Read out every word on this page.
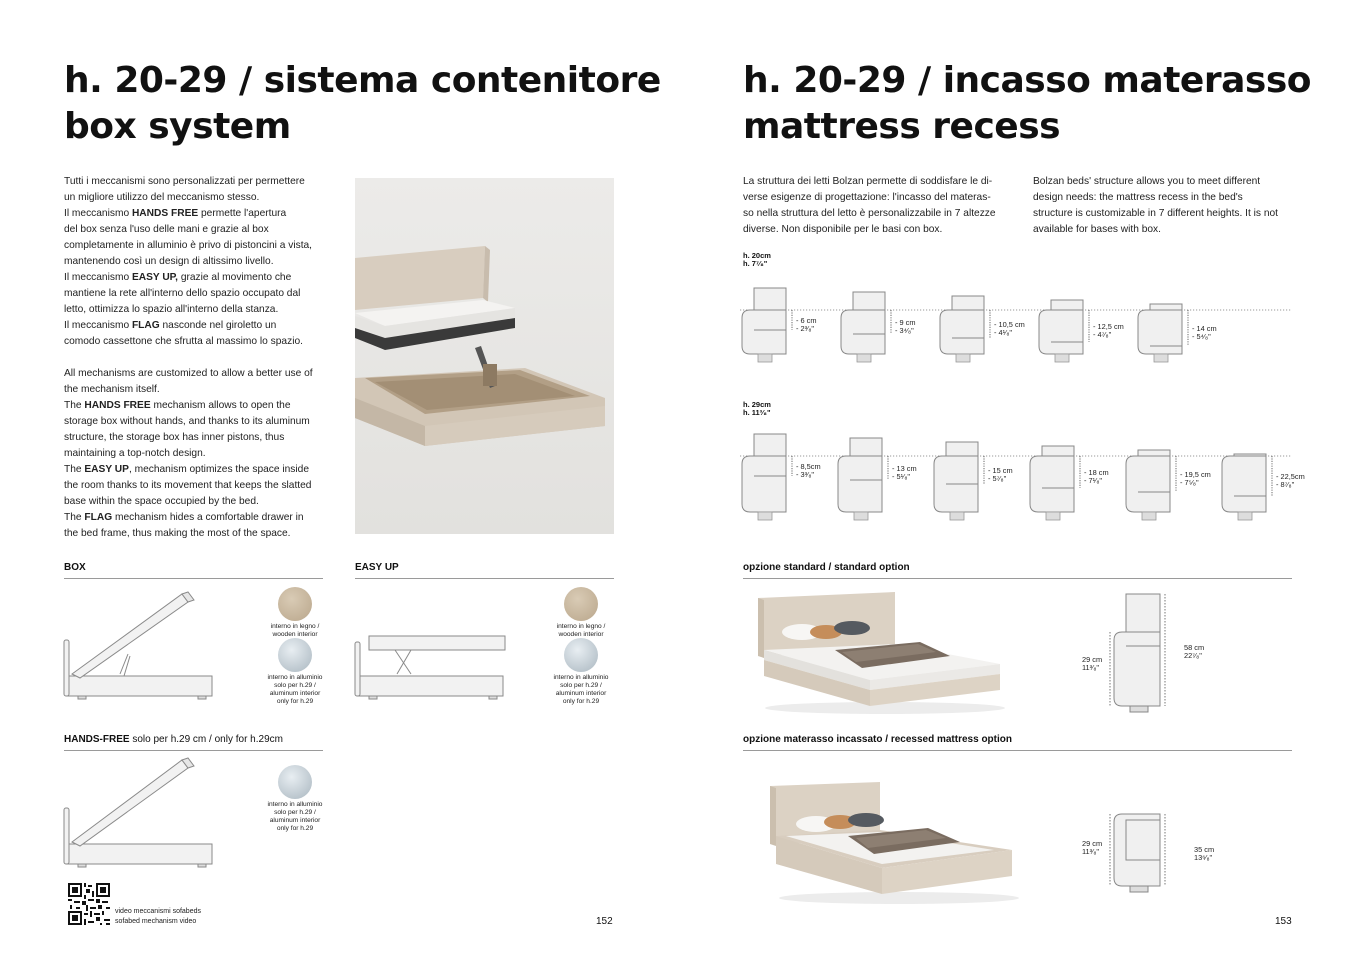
h. 20-29 / sistema contenitore
box system
Tutti i meccanismi sono personalizzati per permettere
un migliore utilizzo del meccanismo stesso.
Il meccanismo HANDS FREE permette l'apertura
del box senza l'uso delle mani e grazie al box
completamente in alluminio è privo di pistoncini a vista,
mantenendo così un design di altissimo livello.
Il meccanismo EASY UP, grazie al movimento che
mantiene la rete all'interno dello spazio occupato dal
letto, ottimizza lo spazio all'interno della stanza.
Il meccanismo FLAG nasconde nel giroletto un
comodo cassettone che sfrutta al massimo lo spazio.
All mechanisms are customized to allow a better use of
the mechanism itself.
The HANDS FREE mechanism allows to open the
storage box without hands, and thanks to its aluminum
structure, the storage box has inner pistons, thus
maintaining a top-notch design.
The EASY UP, mechanism optimizes the space inside
the room thanks to its movement that keeps the slatted
base within the space occupied by the bed.
The FLAG mechanism hides a comfortable drawer in
the bed frame, thus making the most of the space.
BOX
interno in legno /
wooden interior
interno in alluminio
solo per h.29 /
aluminum interior
only for h.29
EASY UP
interno in legno /
wooden interior
interno in alluminio
solo per h.29 /
aluminum interior
only for h.29
HANDS-FREE solo per h.29 cm / only for h.29cm
interno in alluminio
solo per h.29 /
aluminum interior
only for h.29
video meccanismi sofabeds
sofabed mechanism video	152
h. 20-29 / incasso materasso
mattress recess
La struttura dei letti Bolzan permette di soddisfare le di-
verse esigenze di progettazione: l'incasso del materas-
so nella struttura del letto è personalizzabile in 7 altezze
diverse. Non disponibile per le basi con box.
Bolzan beds' structure allows you to meet different
design needs: the mattress recess in the bed's
structure is customizable in 7 different heights. It is not
available for bases with box.
h. 20cm
h. 7⁷⁄₈"
h. 29cm
h. 11³⁄₈"
- 6 cm
- 2³⁄₈"
- 9 cm
- 3⁴⁄₈"
- 10,5 cm
- 4¹⁄₈"
- 12,5 cm
- 4⁷⁄₈"
- 14 cm
- 5⁴⁄₈"
- 8,5cm
- 3³⁄₈"
- 13 cm
- 5¹⁄₈"
- 15 cm
- 5⁷⁄₈"
- 18 cm
- 7¹⁄₈"
- 19,5 cm
- 7⁵⁄₈"
- 22,5cm
- 8⁷⁄₈"
opzione standard / standard option
29 cm
11³⁄₈"
58 cm
22⁷⁄₈"
opzione materasso incassato / recessed mattress option
29 cm
11³⁄₈"	35 cm
13⁶⁄₈"
153
